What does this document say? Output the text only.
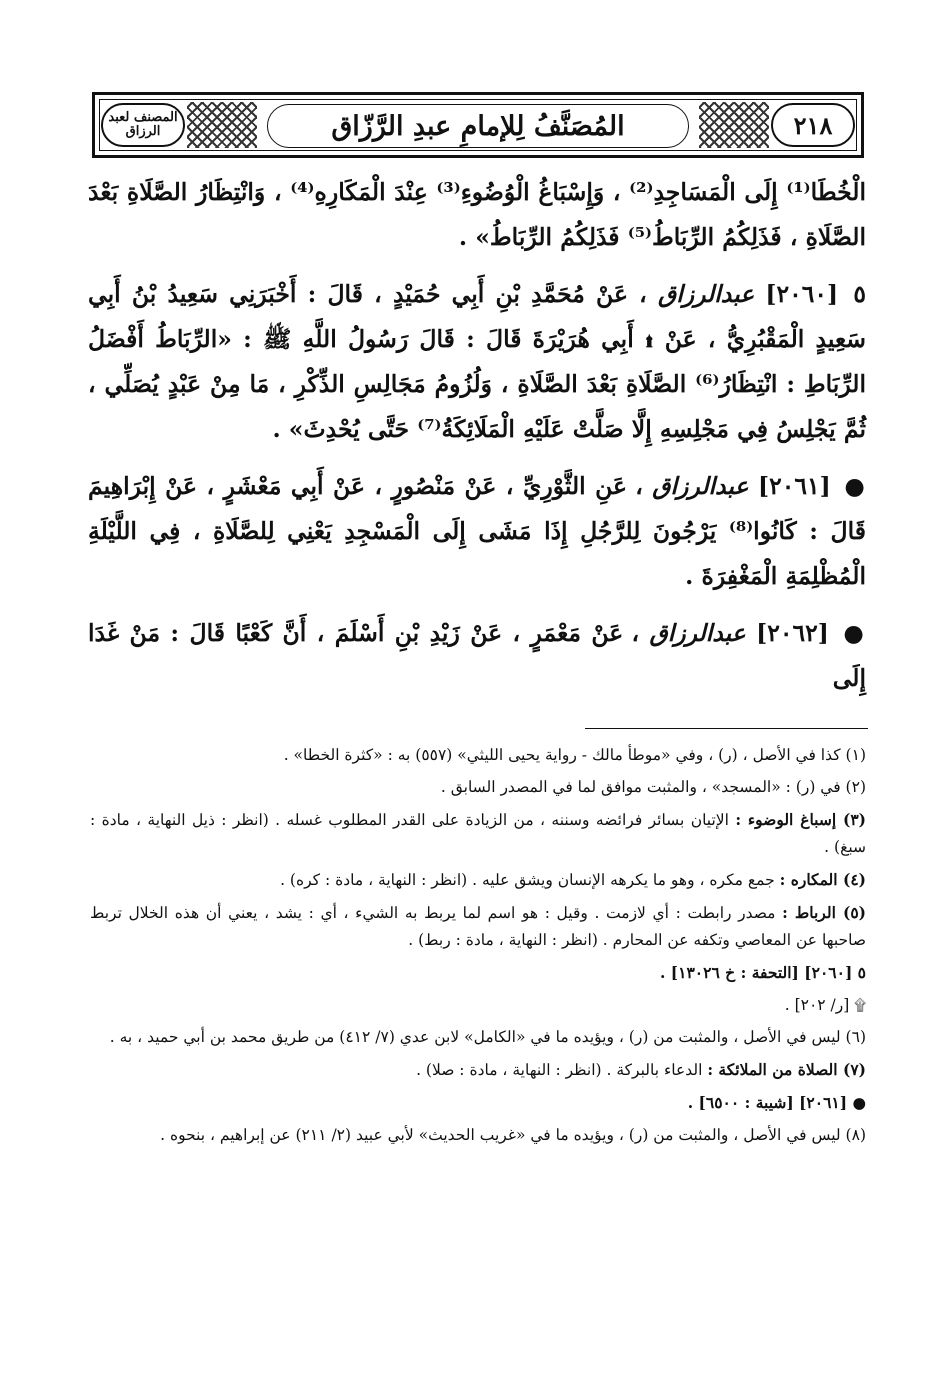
المصنف لعبد الرزاق	المُصَنَّفُ لِلإمامِ عبدِ الرَّزّاق	٢١٨

الْخُطَا⁽¹⁾ إِلَى الْمَسَاجِدِ⁽²⁾ ، وَإِسْبَاغُ الْوُضُوءِ⁽³⁾ عِنْدَ الْمَكَارِهِ⁽⁴⁾ ، وَانْتِظَارُ الصَّلَاةِ بَعْدَ الصَّلَاةِ ، فَذَلِكُمُ الرِّبَاطُ⁽⁵⁾ فَذَلِكُمُ الرِّبَاطُ» .

٥ [٢٠٦٠] عبدالرزاق ، عَنْ مُحَمَّدِ بْنِ أَبِي حُمَيْدٍ ، قَالَ : أَخْبَرَنِي سَعِيدُ بْنُ أَبِي سَعِيدٍ الْمَقْبُرِيُّ ، عَنْ ۩ أَبِي هُرَيْرَةَ قَالَ : قَالَ رَسُولُ اللَّهِ ﷺ : «الرِّبَاطُ أَفْضَلُ الرِّبَاطِ : انْتِظَارُ⁽⁶⁾ الصَّلَاةِ بَعْدَ الصَّلَاةِ ، وَلُزُومُ مَجَالِسِ الذِّكْرِ ، مَا مِنْ عَبْدٍ يُصَلِّي ، ثُمَّ يَجْلِسُ فِي مَجْلِسِهِ إِلَّا صَلَّتْ عَلَيْهِ الْمَلَائِكَةُ⁽⁷⁾ حَتَّى يُحْدِثَ» .

● [٢٠٦١] عبدالرزاق ، عَنِ الثَّوْرِيِّ ، عَنْ مَنْصُورٍ ، عَنْ أَبِي مَعْشَرٍ ، عَنْ إِبْرَاهِيمَ قَالَ : كَانُوا⁽⁸⁾ يَرْجُونَ لِلرَّجُلِ إِذَا مَشَى إِلَى الْمَسْجِدِ يَعْنِي لِلصَّلَاةِ ، فِي اللَّيْلَةِ الْمُظْلِمَةِ الْمَغْفِرَةَ .

● [٢٠٦٢] عبدالرزاق ، عَنْ مَعْمَرٍ ، عَنْ زَيْدِ بْنِ أَسْلَمَ ، أَنَّ كَعْبًا قَالَ : مَنْ غَدَا إِلَى

(١) كذا في الأصل ، (ر) ، وفي «موطأ مالك - رواية يحيى الليثي» (٥٥٧) به : «كثرة الخطا» .

(٢) في (ر) : «المسجد» ، والمثبت موافق لما في المصدر السابق .

(٣) إسباغ الوضوء : الإتيان بسائر فرائضه وسننه ، من الزيادة على القدر المطلوب غسله . (انظر : ذيل النهاية ، مادة : سبغ) .

(٤) المكاره : جمع مكره ، وهو ما يكرهه الإنسان ويشق عليه . (انظر : النهاية ، مادة : كره) .

(٥) الرباط : مصدر رابطت : أي لازمت . وقيل : هو اسم لما يربط به الشيء ، أي : يشد ، يعني أن هذه الخلال تربط صاحبها عن المعاصي وتكفه عن المحارم . (انظر : النهاية ، مادة : ربط) .

٥ [٢٠٦٠] [التحفة : خ ١٣٠٢٦] .

۩ [ر/ ٢٠٢] .

(٦) ليس في الأصل ، والمثبت من (ر) ، ويؤيده ما في «الكامل» لابن عدي (٧/ ٤١٢) من طريق محمد بن أبي حميد ، به .

(٧) الصلاة من الملائكة : الدعاء بالبركة . (انظر : النهاية ، مادة : صلا) .

● [٢٠٦١] [شيبة : ٦٥٠٠] .

(٨) ليس في الأصل ، والمثبت من (ر) ، ويؤيده ما في «غريب الحديث» لأبي عبيد (٢/ ٢١١) عن إبراهيم ، بنحوه .
